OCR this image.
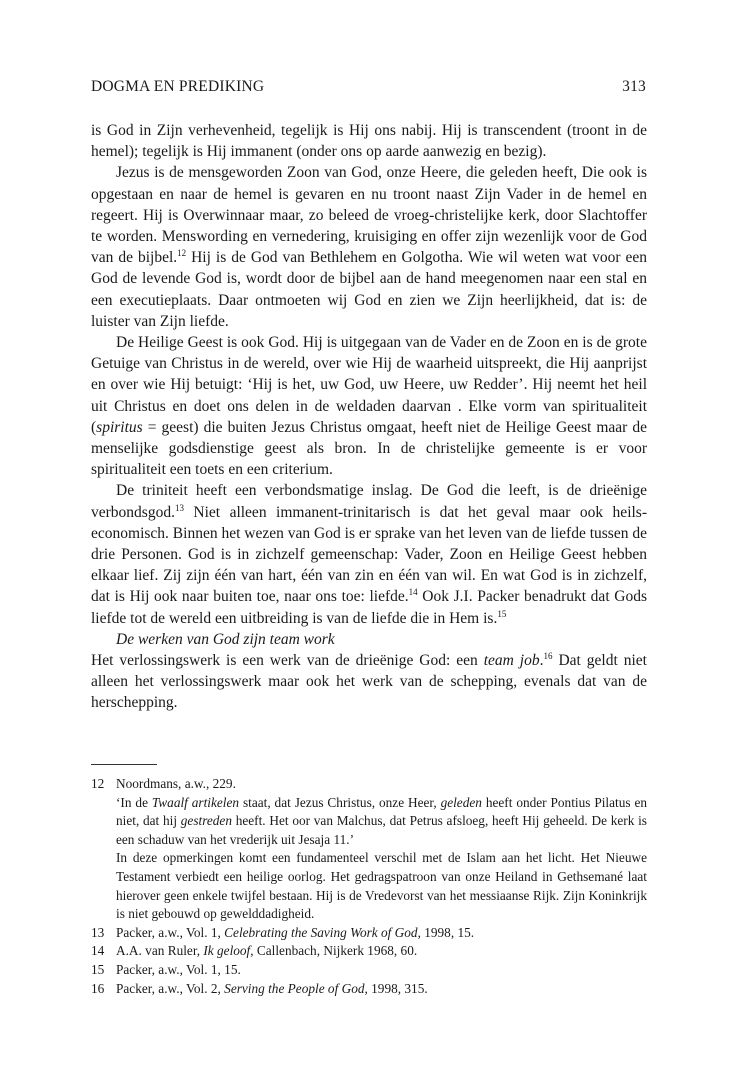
DOGMA EN PREDIKING	313

is God in Zijn verhevenheid, tegelijk is Hij ons nabij. Hij is transcendent (troont in de hemel); tegelijk is Hij immanent (onder ons op aarde aanwezig en bezig).

Jezus is de mensgeworden Zoon van God, onze Heere, die geleden heeft, Die ook is opgestaan en naar de hemel is gevaren en nu troont naast Zijn Vader in de hemel en regeert. Hij is Overwinnaar maar, zo beleed de vroeg-christelijke kerk, door Slachtoffer te worden. Menswording en vernedering, kruisiging en offer zijn wezenlijk voor de God van de bijbel.$^{12}$ Hij is de God van Bethlehem en Golgotha. Wie wil weten wat voor een God de levende God is, wordt door de bijbel aan de hand meegenomen naar een stal en een executieplaats. Daar ontmoeten wij God en zien we Zijn heerlijkheid, dat is: de luister van Zijn liefde.

De Heilige Geest is ook God. Hij is uitgegaan van de Vader en de Zoon en is de grote Getuige van Christus in de wereld, over wie Hij de waarheid uitspreekt, die Hij aanprijst en over wie Hij betuigt: ‘Hij is het, uw God, uw Heere, uw Redder’. Hij neemt het heil uit Christus en doet ons delen in de weldaden daarvan . Elke vorm van spiritualiteit (spiritus = geest) die buiten Jezus Christus omgaat, heeft niet de Heilige Geest maar de menselijke godsdienstige geest als bron. In de christelijke gemeente is er voor spiritualiteit een toets en een criterium.

De triniteit heeft een verbondsmatige inslag. De God die leeft, is de drieënige verbondsgod.$^{13}$ Niet alleen immanent-trinitarisch is dat het geval maar ook heils-economisch. Binnen het wezen van God is er sprake van het leven van de liefde tussen de drie Personen. God is in zichzelf gemeenschap: Vader, Zoon en Heilige Geest hebben elkaar lief. Zij zijn één van hart, één van zin en één van wil. En wat God is in zichzelf, dat is Hij ook naar buiten toe, naar ons toe: liefde.$^{14}$ Ook J.I. Packer benadrukt dat Gods liefde tot de wereld een uitbreiding is van de liefde die in Hem is.$^{15}$

De werken van God zijn team work

Het verlossingswerk is een werk van de drieënige God: een team job.$^{16}$ Dat geldt niet alleen het verlossingswerk maar ook het werk van de schepping, evenals dat van de herschepping.

12 Noordmans, a.w., 229.

‘In de Twaalf artikelen staat, dat Jezus Christus, onze Heer, geleden heeft onder Pontius Pilatus en niet, dat hij gestreden heeft. Het oor van Malchus, dat Petrus afsloeg, heeft Hij geheeld. De kerk is een schaduw van het vrederijk uit Jesaja 11.’

In deze opmerkingen komt een fundamenteel verschil met de Islam aan het licht. Het Nieuwe Testament verbiedt een heilige oorlog. Het gedragspatroon van onze Heiland in Gethsemané laat hierover geen enkele twijfel bestaan. Hij is de Vredevorst van het messiaanse Rijk. Zijn Koninkrijk is niet gebouwd op gewelddadigheid.

13 Packer, a.w., Vol. 1, Celebrating the Saving Work of God, 1998, 15.

14 A.A. van Ruler, Ik geloof, Callenbach, Nijkerk 1968, 60.

15 Packer, a.w., Vol. 1, 15.

16 Packer, a.w., Vol. 2, Serving the People of God, 1998, 315.
